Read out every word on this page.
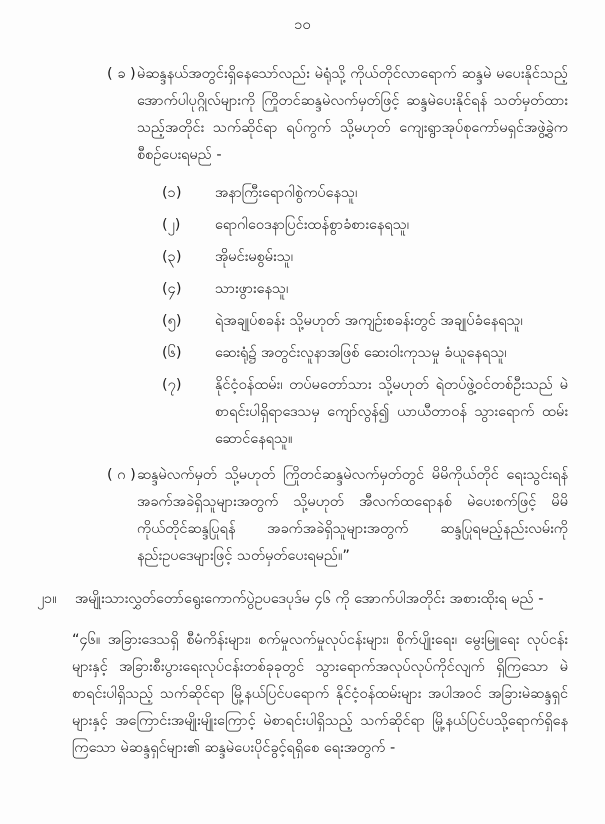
၁၀
( ခ ) မဲဆန္ဒနယ်အတွင်းရှိနေသော်လည်း မဲရုံသို့ ကိုယ်တိုင်လာရောက် ဆန္ဒမဲ မပေးနိုင်သည့် အောက်ပါပုဂ္ဂိုလ်များကို ကြိုတင်ဆန္ဒမဲလက်မှတ်ဖြင့် ဆန္ဒမဲပေးနိုင်ရန် သတ်မှတ်ထားသည့်အတိုင်း သက်ဆိုင်ရာ ရပ်ကွက် သို့မဟုတ် ကျေးရွာအုပ်စုကော်မရှင်အဖွဲ့ခွဲက စီစဉ်ပေးရမည် -
(၁)	အနာကြီးရောဂါစွဲကပ်နေသူ၊
(၂)	ရောဂါဝေဒနာပြင်းထန်စွာခံစားနေရသူ၊
(၃)	အိုမင်းမစွမ်းသူ၊
(၄)	သားဖွားနေသူ၊
(၅)	ရဲအချုပ်စခန်း သို့မဟုတ် အကျဉ်းစခန်းတွင် အချုပ်ခံနေရသူ၊
(၆)	ဆေးရုံ၌ အတွင်းလူနာအဖြစ် ဆေးဝါးကုသမှု ခံယူနေရသူ၊
(၇)	နိုင်ငံ့ဝန်ထမ်း၊ တပ်မတော်သား သို့မဟုတ် ရဲတပ်ဖွဲ့ဝင်တစ်ဦးသည် မဲစာရင်းပါရှိရာဒေသမှ ကျော်လွန်၍ ယာယီတာဝန် သွားရောက် ထမ်းဆောင်နေရသူ။
( ဂ ) ဆန္ဒမဲလက်မှတ် သို့မဟုတ် ကြိုတင်ဆန္ဒမဲလက်မှတ်တွင် မိမိကိုယ်တိုင် ရေးသွင်းရန် အခက်အခဲရှိသူများအတွက် သို့မဟုတ် အီလက်ထရောနစ် မဲပေးစက်ဖြင့် မိမိကိုယ်တိုင်ဆန္ဒပြုရန် အခက်အခဲရှိသူများအတွက် ဆန္ဒပြုရမည့်နည်းလမ်းကို နည်းဥပဒေများဖြင့် သတ်မှတ်ပေးရမည်။”
၂၁။ အမျိုးသားလွှတ်တော်ရွေးကောက်ပွဲဥပဒေပုဒ်မ ၄၆ ကို အောက်ပါအတိုင်း အစားထိုးရ မည် -
“၄၆။ အခြားဒေသရှိ စီမံကိန်းများ၊ စက်မှုလက်မှုလုပ်ငန်းများ၊ စိုက်ပျိုးရေး၊ မွေးမြူရေး လုပ်ငန်းများနှင့် အခြားစီးပွားရေးလုပ်ငန်းတစ်ခုခုတွင် သွားရောက်အလုပ်လုပ်ကိုင်လျက် ရှိကြသော မဲစာရင်းပါရှိသည့် သက်ဆိုင်ရာ မြို့နယ်ပြင်ပရောက် နိုင်ငံ့ဝန်ထမ်းများ အပါအဝင် အခြားမဲဆန္ဒရှင်များနှင့် အကြောင်းအမျိုးမျိုးကြောင့် မဲစာရင်းပါရှိသည့် သက်ဆိုင်ရာ မြို့နယ်ပြင်ပသို့ရောက်ရှိနေကြသော မဲဆန္ဒရှင်များ၏ ဆန္ဒမဲပေးပိုင်ခွင့်ရရှိစေ ရေးအတွက် -
